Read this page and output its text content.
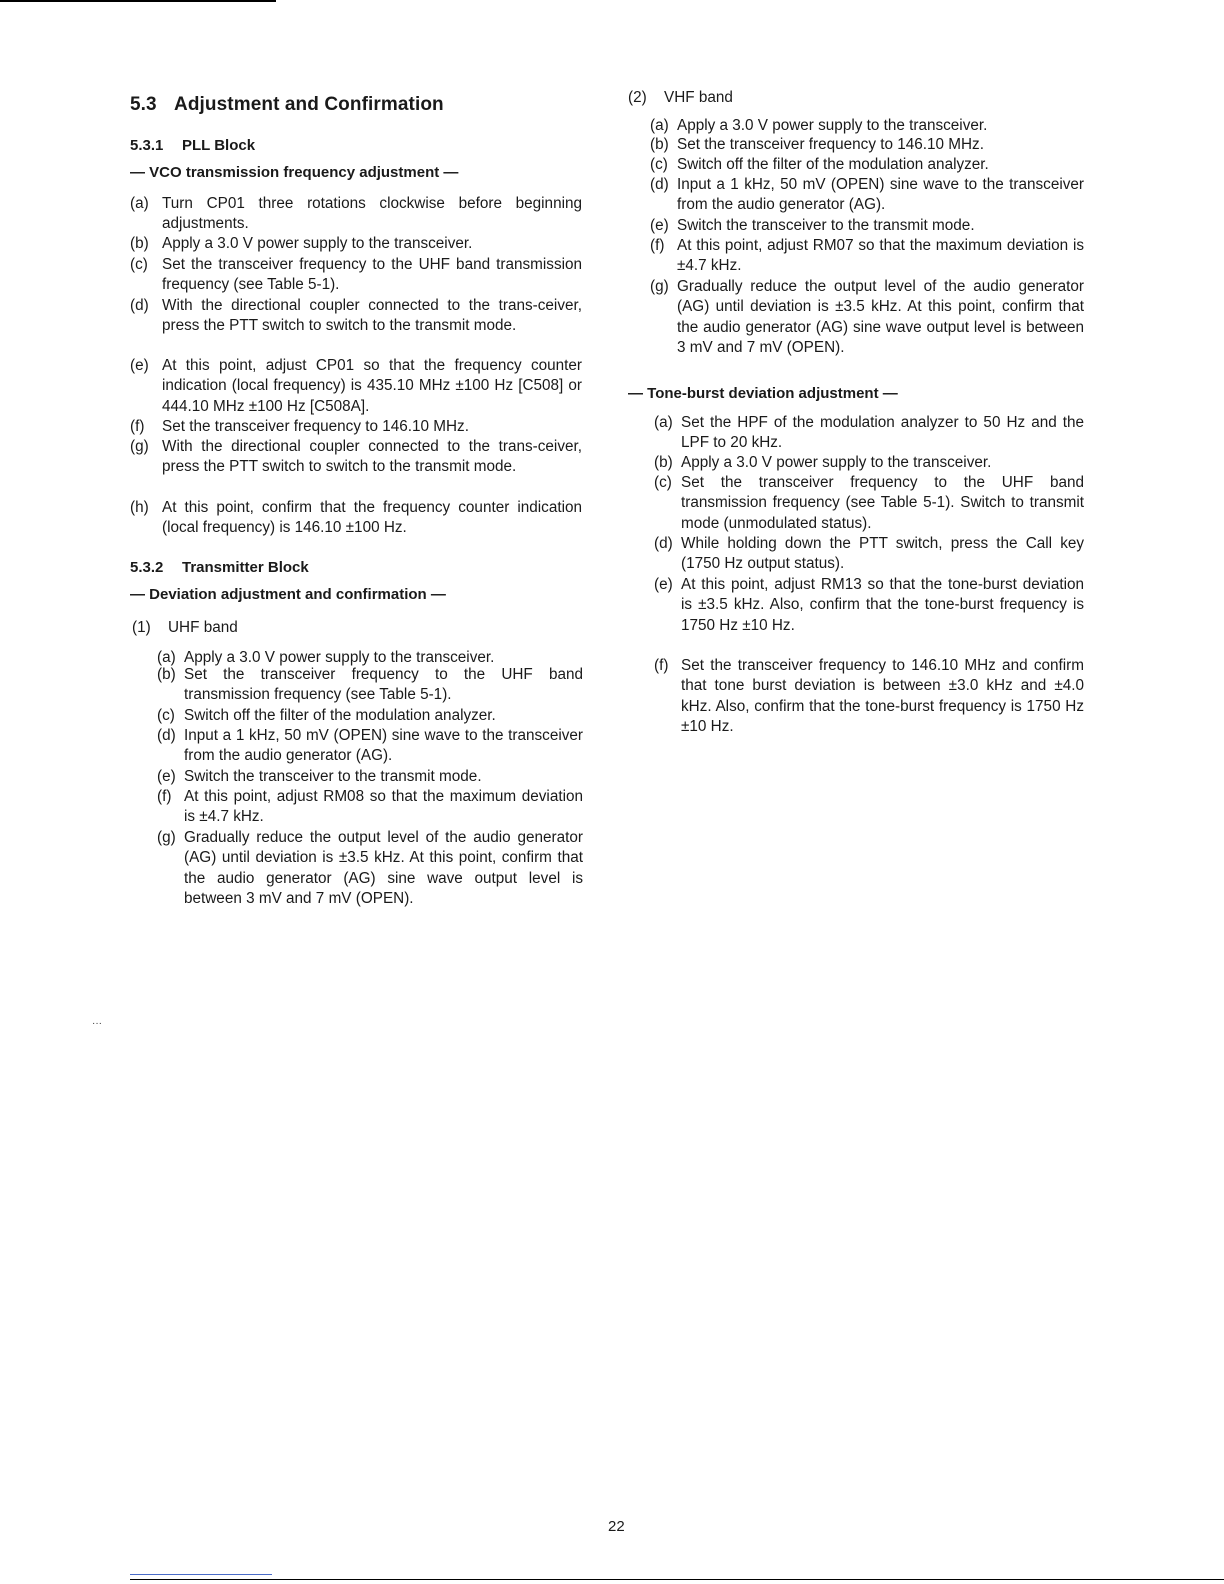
5.3 Adjustment and Confirmation
5.3.1 PLL Block
— VCO transmission frequency adjustment —
(a) Turn CP01 three rotations clockwise before beginning adjustments.
(b) Apply a 3.0 V power supply to the transceiver.
(c) Set the transceiver frequency to the UHF band transmission frequency (see Table 5-1).
(d) With the directional coupler connected to the trans-ceiver, press the PTT switch to switch to the transmit mode.
(e) At this point, adjust CP01 so that the frequency counter indication (local frequency) is 435.10 MHz ±100 Hz [C508] or 444.10 MHz ±100 Hz [C508A].
(f) Set the transceiver frequency to 146.10 MHz.
(g) With the directional coupler connected to the trans-ceiver, press the PTT switch to switch to the transmit mode.
(h) At this point, confirm that the frequency counter indication (local frequency) is 146.10 ±100 Hz.
5.3.2 Transmitter Block
— Deviation adjustment and confirmation —
(1) UHF band
(a) Apply a 3.0 V power supply to the transceiver.
(b) Set the transceiver frequency to the UHF band transmission frequency (see Table 5-1).
(c) Switch off the filter of the modulation analyzer.
(d) Input a 1 kHz, 50 mV (OPEN) sine wave to the transceiver from the audio generator (AG).
(e) Switch the transceiver to the transmit mode.
(f) At this point, adjust RM08 so that the maximum deviation is ±4.7 kHz.
(g) Gradually reduce the output level of the audio generator (AG) until deviation is ±3.5 kHz. At this point, confirm that the audio generator (AG) sine wave output level is between 3 mV and 7 mV (OPEN).
(2) VHF band
(a) Apply a 3.0 V power supply to the transceiver.
(b) Set the transceiver frequency to 146.10 MHz.
(c) Switch off the filter of the modulation analyzer.
(d) Input a 1 kHz, 50 mV (OPEN) sine wave to the transceiver from the audio generator (AG).
(e) Switch the transceiver to the transmit mode.
(f) At this point, adjust RM07 so that the maximum deviation is ±4.7 kHz.
(g) Gradually reduce the output level of the audio generator (AG) until deviation is ±3.5 kHz. At this point, confirm that the audio generator (AG) sine wave output level is between 3 mV and 7 mV (OPEN).
— Tone-burst deviation adjustment —
(a) Set the HPF of the modulation analyzer to 50 Hz and the LPF to 20 kHz.
(b) Apply a 3.0 V power supply to the transceiver.
(c) Set the transceiver frequency to the UHF band transmission frequency (see Table 5-1). Switch to transmit mode (unmodulated status).
(d) While holding down the PTT switch, press the Call key (1750 Hz output status).
(e) At this point, adjust RM13 so that the tone-burst deviation is ±3.5 kHz. Also, confirm that the tone-burst frequency is 1750 Hz ±10 Hz.
(f) Set the transceiver frequency to 146.10 MHz and confirm that tone burst deviation is between ±3.0 kHz and ±4.0 kHz. Also, confirm that the tone-burst frequency is 1750 Hz ±10 Hz.
···
22
